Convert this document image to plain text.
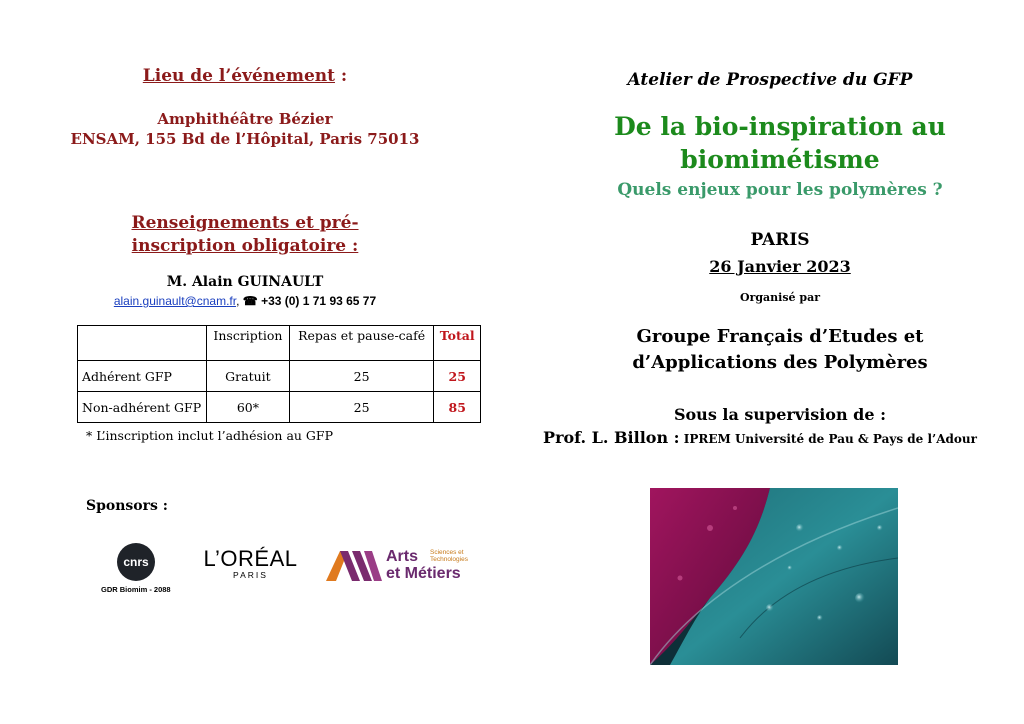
Lieu de l’événement :
Amphithéâtre Bézier
ENSAM, 155 Bd de l’Hôpital, Paris 75013
Renseignements et pré-
inscription obligatoire :
M. Alain GUINAULT
alain.guinault@cnam.fr, ☎ +33 (0) 1 71 93 65 77
	Inscription	Repas et pause-café	Total
Adhérent GFP	Gratuit	25	25
Non-adhérent GFP	60*	25	85
* L’inscription inclut l’adhésion au GFP
Sponsors :
cnrs
GDR Biomim - 2088
L’ORÉAL
PARIS
Arts
et Métiers
Sciences et
Technologies
Atelier de Prospective du GFP
De la bio-inspiration au
biomimétisme
Quels enjeux pour les polymères ?
PARIS
26 Janvier 2023
Organisé par
Groupe Français d’Etudes et
d’Applications des Polymères
Sous la supervision de :
Prof. L. Billon : IPREM Université de Pau & Pays de l’Adour
